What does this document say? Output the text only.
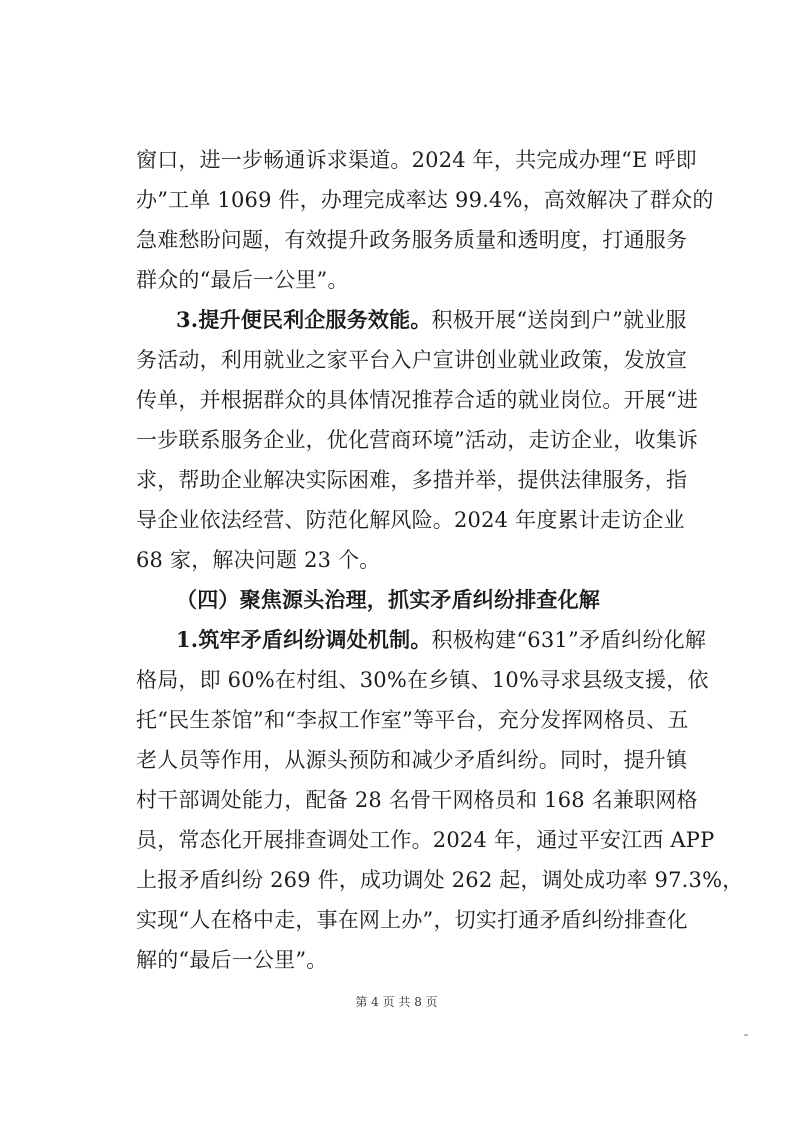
窗口，进一步畅通诉求渠道。2024 年，共完成办理“E 呼即
办”工单 1069 件，办理完成率达 99.4%，高效解决了群众的
急难愁盼问题，有效提升政务服务质量和透明度，打通服务
群众的“最后一公里”。
3.提升便民利企服务效能。积极开展“送岗到户”就业服
务活动，利用就业之家平台入户宣讲创业就业政策，发放宣
传单，并根据群众的具体情况推荐合适的就业岗位。开展“进
一步联系服务企业，优化营商环境”活动，走访企业，收集诉
求，帮助企业解决实际困难，多措并举，提供法律服务，指
导企业依法经营、防范化解风险。2024 年度累计走访企业
68 家，解决问题 23 个。
（四）聚焦源头治理，抓实矛盾纠纷排查化解
1.筑牢矛盾纠纷调处机制。积极构建“631”矛盾纠纷化解
格局，即 60%在村组、30%在乡镇、10%寻求县级支援，依
托“民生茶馆”和“李叔工作室”等平台，充分发挥网格员、五
老人员等作用，从源头预防和减少矛盾纠纷。同时，提升镇
村干部调处能力，配备 28 名骨干网格员和 168 名兼职网格
员，常态化开展排查调处工作。2024 年，通过平安江西 APP
上报矛盾纠纷 269 件，成功调处 262 起，调处成功率 97.3%，
实现“人在格中走，事在网上办”，切实打通矛盾纠纷排查化
解的“最后一公里”。
第 4 页 共 8 页
